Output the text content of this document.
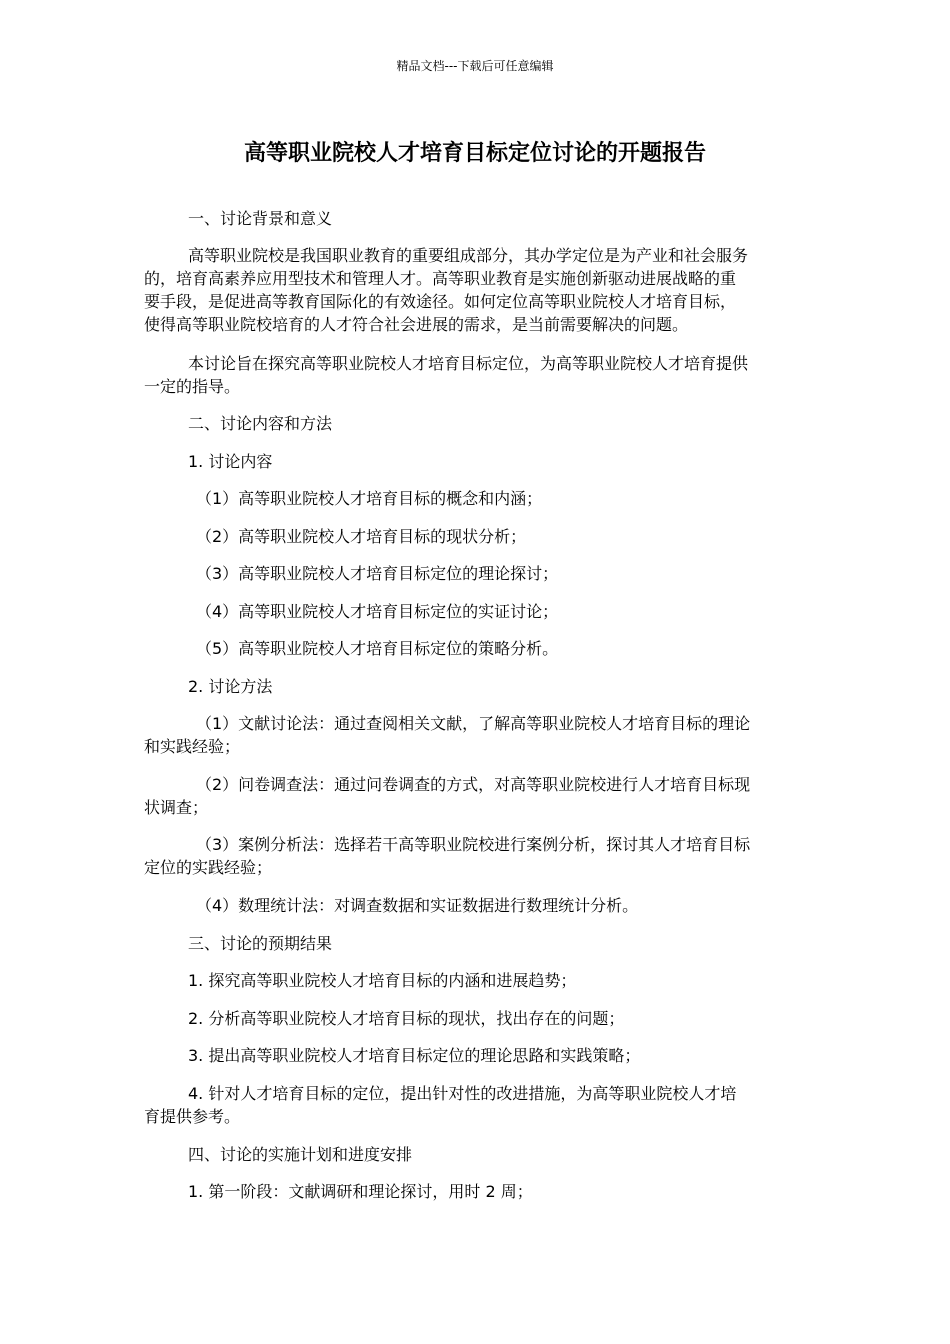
精品文档---下载后可任意编辑
高等职业院校人才培育目标定位讨论的开题报告

一、讨论背景和意义

高等职业院校是我国职业教育的重要组成部分，其办学定位是为产业和社会服务
的，培育高素养应用型技术和管理人才。高等职业教育是实施创新驱动进展战略的重
要手段，是促进高等教育国际化的有效途径。如何定位高等职业院校人才培育目标，
使得高等职业院校培育的人才符合社会进展的需求，是当前需要解决的问题。

本讨论旨在探究高等职业院校人才培育目标定位，为高等职业院校人才培育提供
一定的指导。

二、讨论内容和方法

1. 讨论内容

（1）高等职业院校人才培育目标的概念和内涵；

（2）高等职业院校人才培育目标的现状分析；

（3）高等职业院校人才培育目标定位的理论探讨；

（4）高等职业院校人才培育目标定位的实证讨论；

（5）高等职业院校人才培育目标定位的策略分析。

2. 讨论方法

（1）文献讨论法：通过查阅相关文献，了解高等职业院校人才培育目标的理论
和实践经验；

（2）问卷调查法：通过问卷调查的方式，对高等职业院校进行人才培育目标现
状调查；

（3）案例分析法：选择若干高等职业院校进行案例分析，探讨其人才培育目标
定位的实践经验；

（4）数理统计法：对调查数据和实证数据进行数理统计分析。

三、讨论的预期结果

1. 探究高等职业院校人才培育目标的内涵和进展趋势；

2. 分析高等职业院校人才培育目标的现状，找出存在的问题；

3. 提出高等职业院校人才培育目标定位的理论思路和实践策略；

4. 针对人才培育目标的定位，提出针对性的改进措施，为高等职业院校人才培
育提供参考。

四、讨论的实施计划和进度安排

1. 第一阶段：文献调研和理论探讨，用时 2 周；
